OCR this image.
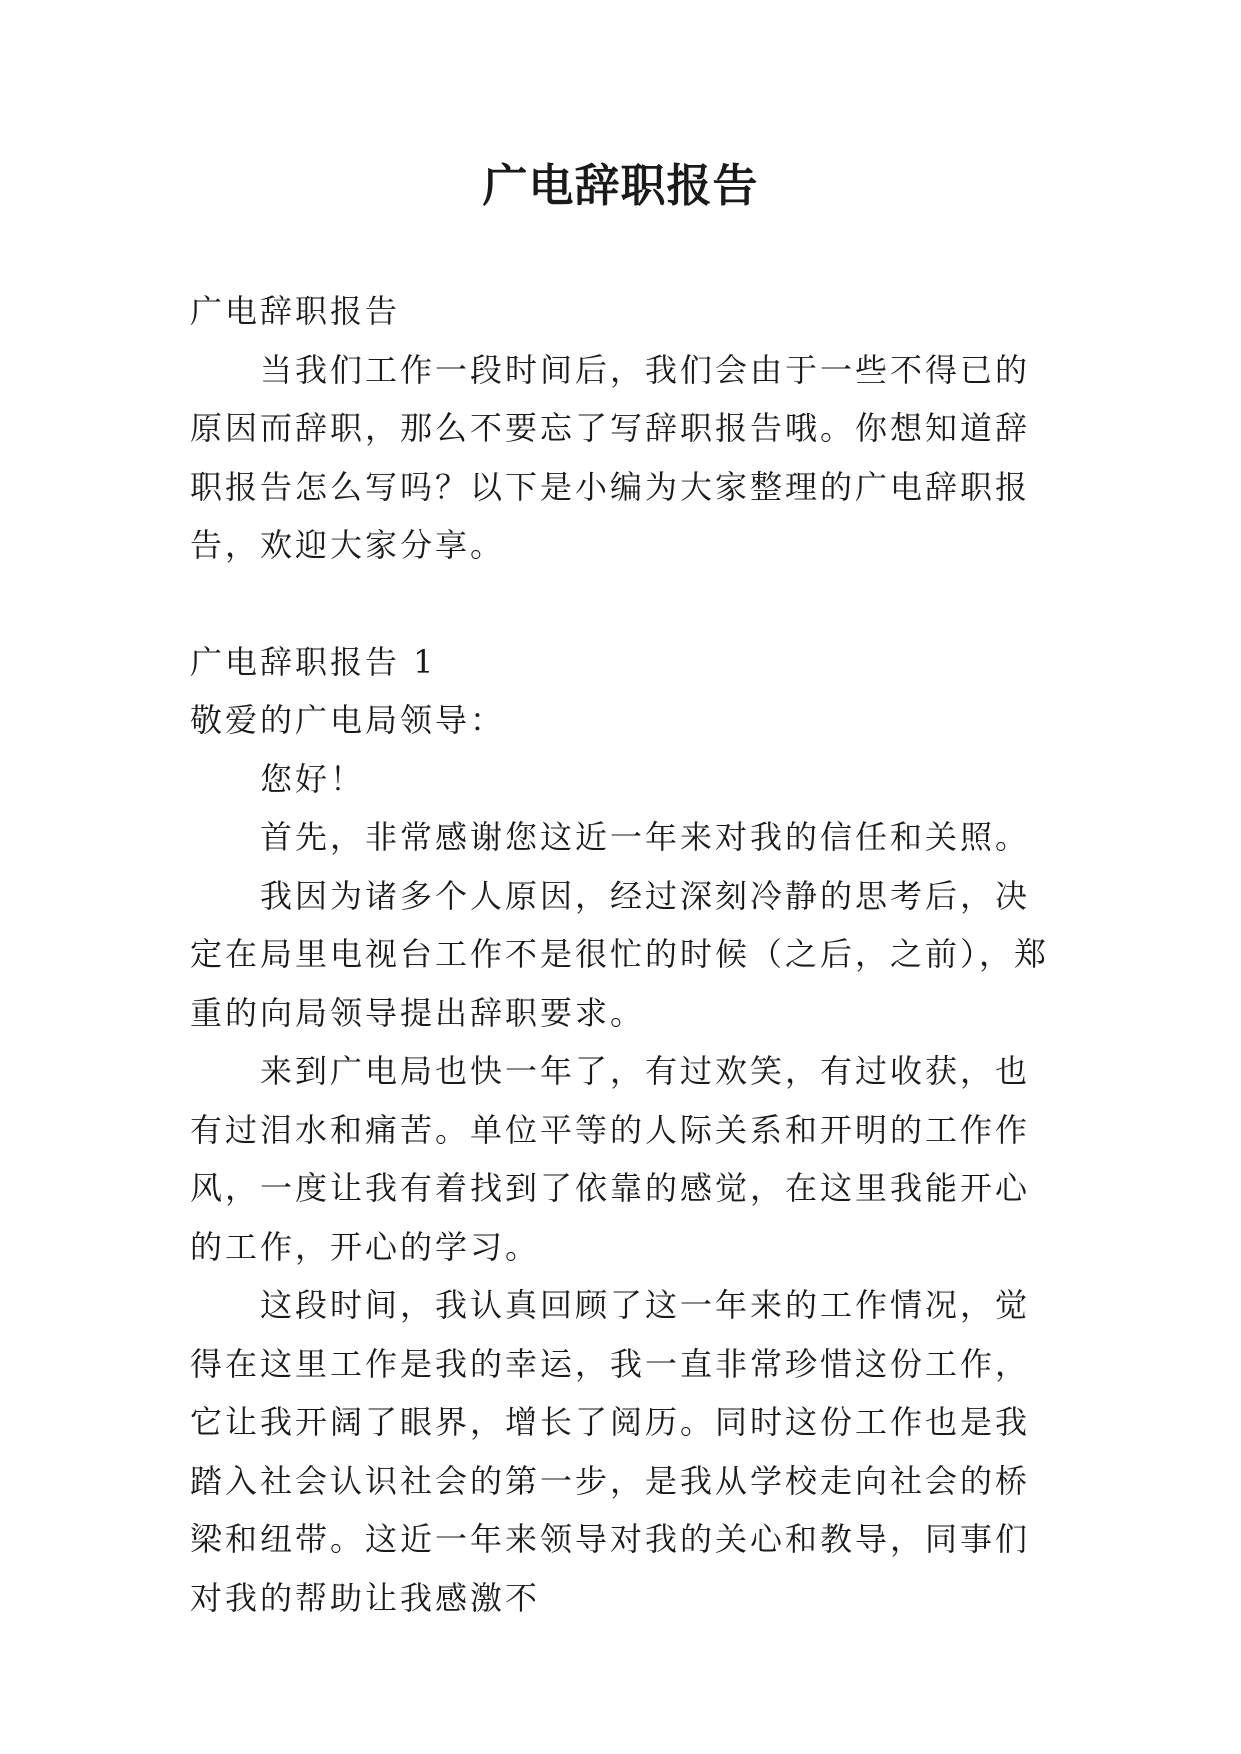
广电辞职报告

广电辞职报告

当我们工作一段时间后，我们会由于一些不得已的原因而辞职，那么不要忘了写辞职报告哦。你想知道辞职报告怎么写吗？以下是小编为大家整理的广电辞职报告，欢迎大家分享。

广电辞职报告 1

敬爱的广电局领导：

您好！

首先，非常感谢您这近一年来对我的信任和关照。

我因为诸多个人原因，经过深刻冷静的思考后，决定在局里电视台工作不是很忙的时候（之后，之前），郑重的向局领导提出辞职要求。

来到广电局也快一年了，有过欢笑，有过收获，也有过泪水和痛苦。单位平等的人际关系和开明的工作作风，一度让我有着找到了依靠的感觉，在这里我能开心的工作，开心的学习。

这段时间，我认真回顾了这一年来的工作情况，觉得在这里工作是我的幸运，我一直非常珍惜这份工作，它让我开阔了眼界，增长了阅历。同时这份工作也是我踏入社会认识社会的第一步，是我从学校走向社会的桥梁和纽带。这近一年来领导对我的关心和教导，同事们对我的帮助让我感激不
